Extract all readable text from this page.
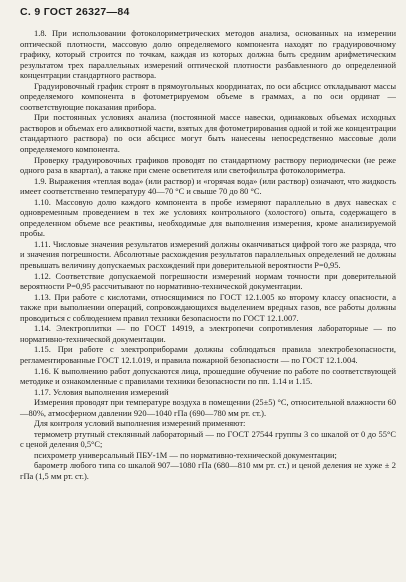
С. 9 ГОСТ 26327—84

1.8. При использовании фотоколориметрических методов анализа, основанных на измерении оптической плотности, массовую долю определяемого компонента находят по градуировочному графику, который строится по точкам, каждая из которых должна быть средним арифметическим результатом трех параллельных измерений оптической плотности разбавленного до определенной концентрации стандартного раствора.

Градуировочный график строят в прямоугольных координатах, по оси абсцисс откладывают массы определяемого компонента в фотометрируемом объеме в граммах, а по оси ординат — соответствующие показания прибора.

При постоянных условиях анализа (постоянной массе навески, одинаковых объемах исходных растворов и объемах его аликвотной части, взятых для фотометрирования одной и той же концентрации стандартного раствора) по оси абсцисс могут быть нанесены непосредственно массовые доли определяемого компонента.

Проверку градуировочных графиков проводят по стандартному раствору периодически (не реже одного раза в квартал), а также при смене осветителя или светофильтра фотоколориметра.

1.9. Выражения «теплая вода» (или раствор) и «горячая вода» (или раствор) означают, что жидкость имеет соответственно температуру 40—70 °С и свыше 70 до 80 °С.

1.10. Массовую долю каждого компонента в пробе измеряют параллельно в двух навесках с одновременным проведением в тех же условиях контрольного (холостого) опыта, содержащего в определенном объеме все реактивы, необходимые для выполнения измерения, кроме анализируемой пробы.

1.11. Числовые значения результатов измерений должны оканчиваться цифрой того же разряда, что и значения погрешности. Абсолютные расхождения результатов параллельных определений не должны превышать величину допускаемых расхождений при доверительной вероятности Р=0,95.

1.12. Соответствие допускаемой погрешности измерений нормам точности при доверительной вероятности Р=0,95 рассчитывают по нормативно-технической документации.

1.13. При работе с кислотами, относящимися по ГОСТ 12.1.005 ко второму классу опасности, а также при выполнении операций, сопровождающихся выделением вредных газов, все работы должны проводиться с соблюдением правил техники безопасности по ГОСТ 12.1.007.

1.14. Электроплитки — по ГОСТ 14919, а электропечи сопротивления лабораторные — по нормативно-технической документации.

1.15. При работе с электроприборами должны соблюдаться правила электробезопасности, регламентированные ГОСТ 12.1.019, и правила пожарной безопасности — по ГОСТ 12.1.004.

1.16. К выполнению работ допускаются лица, прошедшие обучение по работе по соответствующей методике и ознакомленные с правилами техники безопасности по пп. 1.14 и 1.15.

1.17. Условия выполнения измерений

Измерения проводят при температуре воздуха в помещении (25±5) °С, относительной влажности 60—80%, атмосферном давлении 920—1040 гПа (690—780 мм рт. ст.).

Для контроля условий выполнения измерений применяют:

термометр ртутный стеклянный лабораторный — по ГОСТ 27544 группы 3 со шкалой от 0 до 55°С с ценой деления 0,5°С;

психрометр универсальный ПБУ-1М — по нормативно-технической документации;

барометр любого типа со шкалой 907—1080 гПа (680—810 мм рт. ст.) и ценой деления не хуже ± 2 гПа (1,5 мм рт. ст.).
